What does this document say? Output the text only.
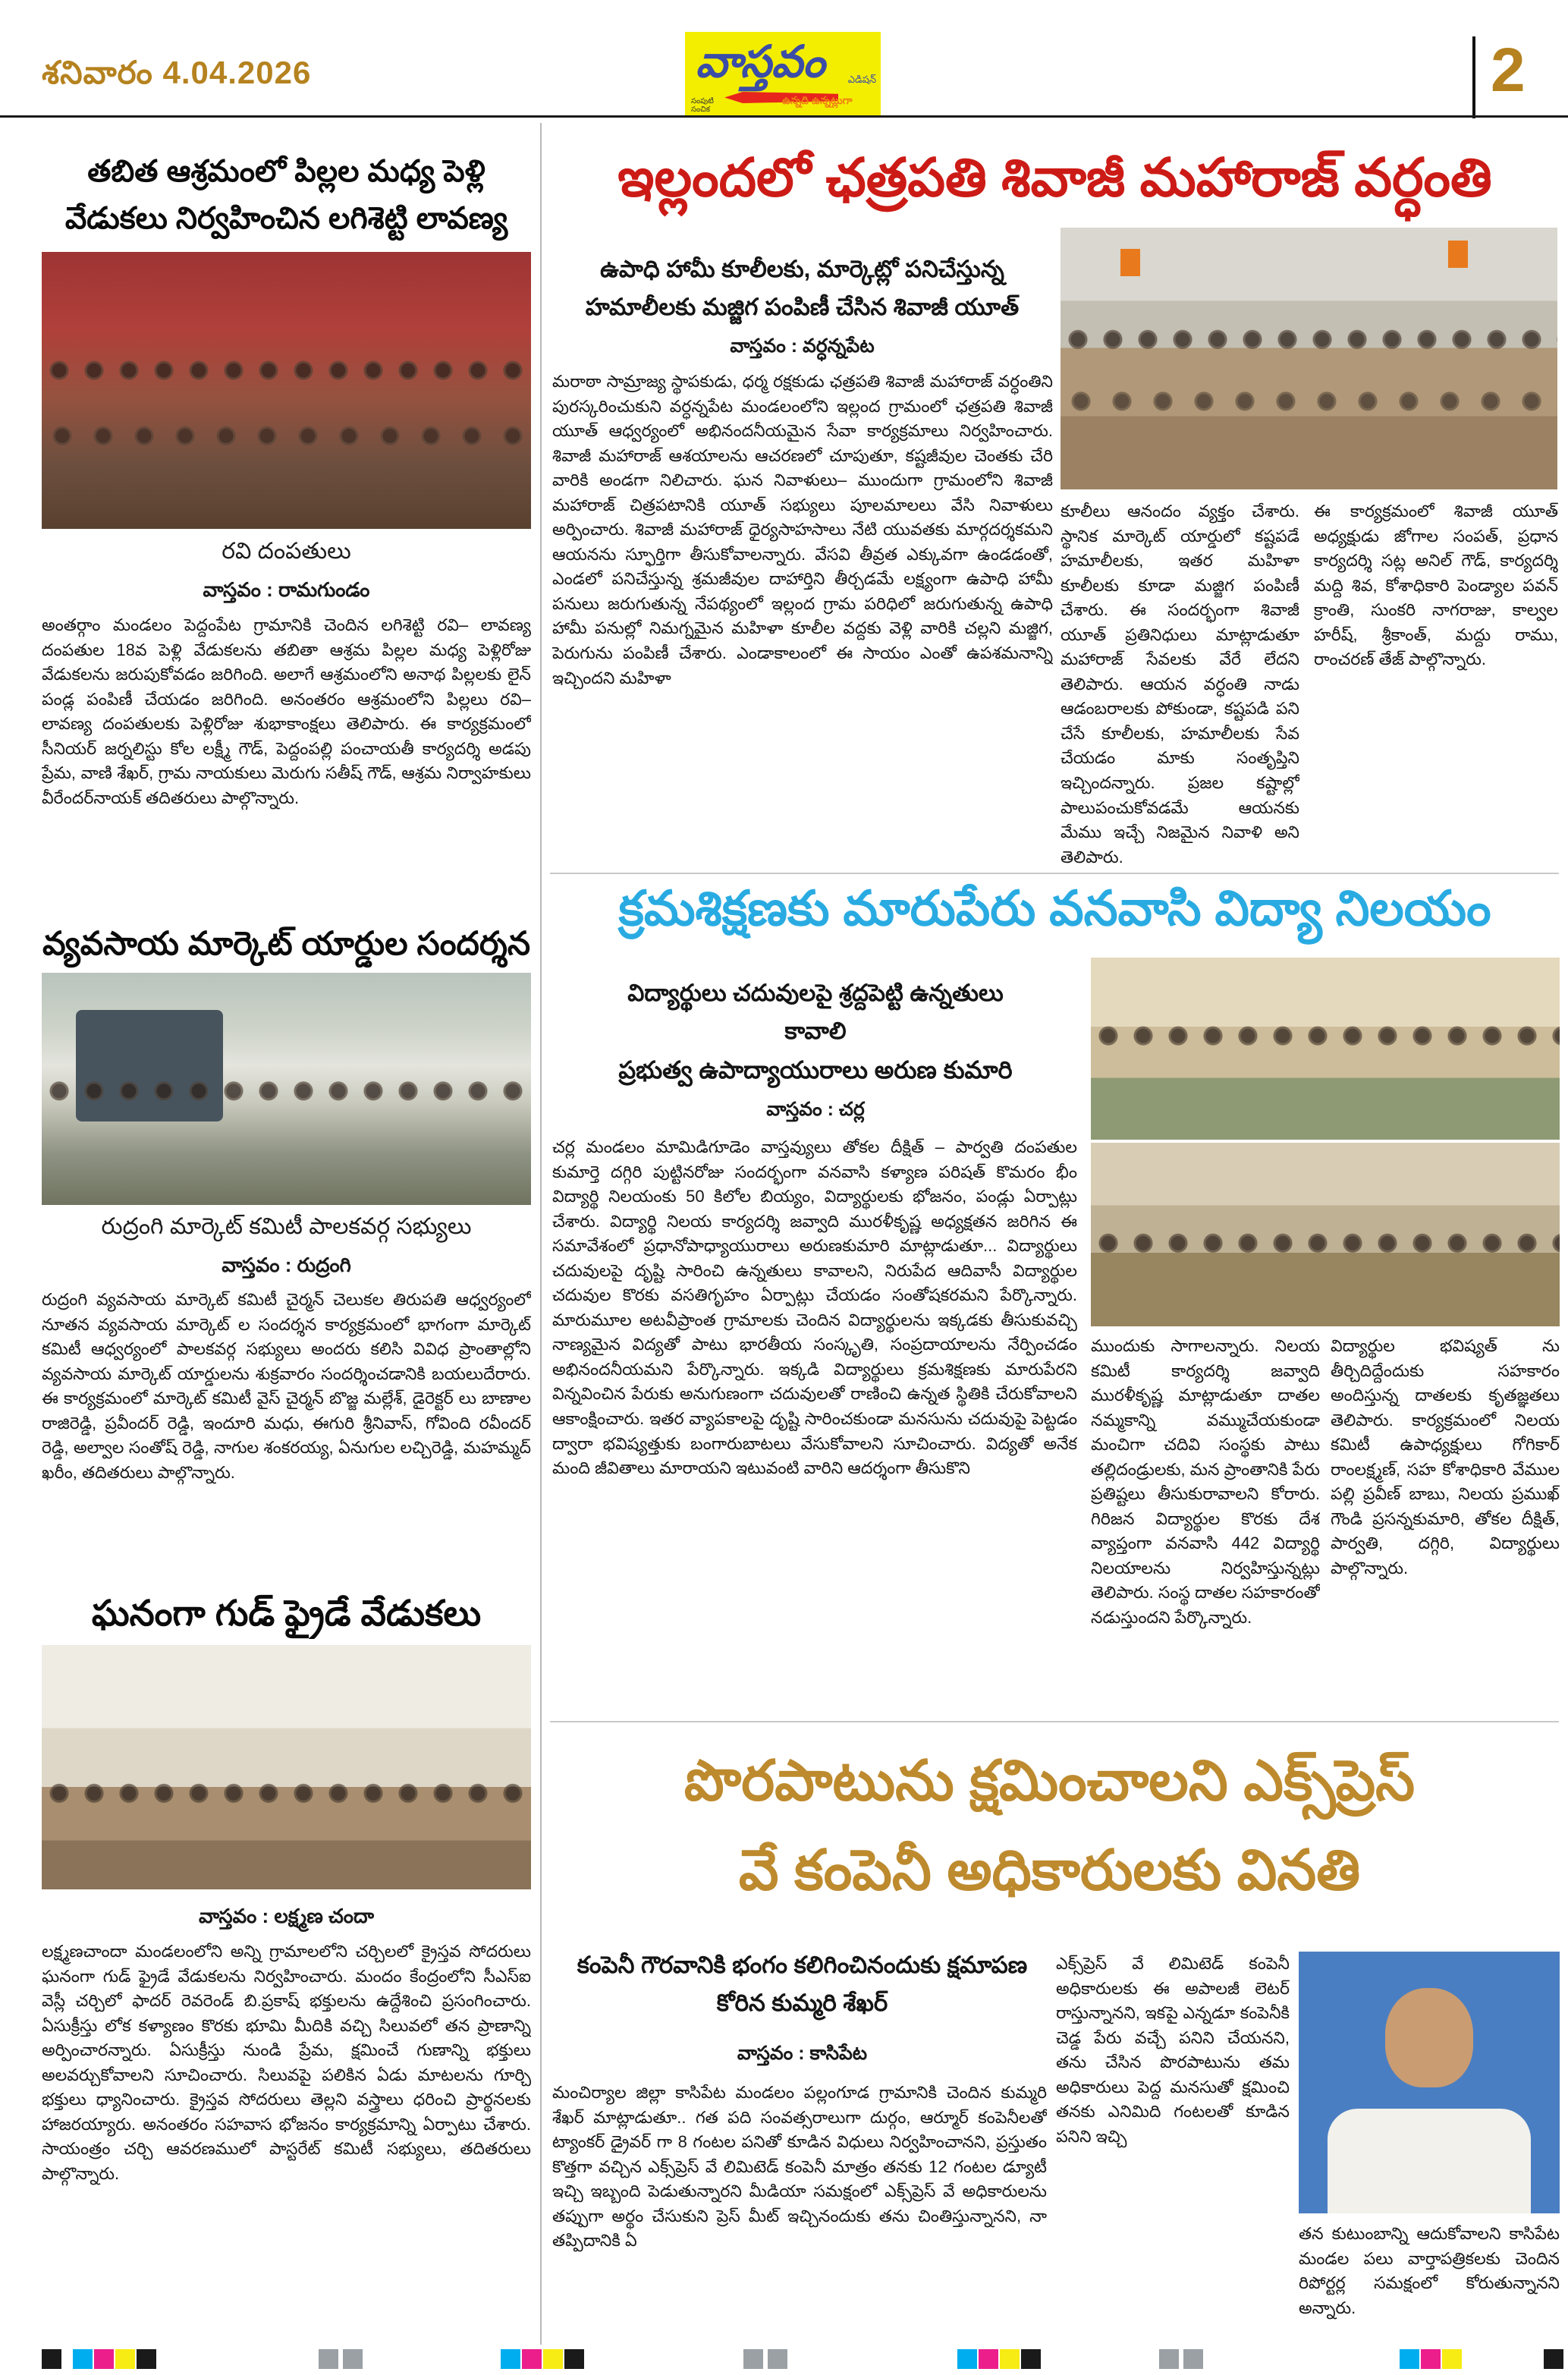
శనివారం 4.04.2026	వాస్తవం ఎడిషన్
ఉన్నది ఉన్నట్లుగా
సంపుటి
సంచిక
2
తబిత ఆశ్రమంలో పిల్లల మధ్య పెళ్లి వేడుకలు నిర్వహించిన లగిశెట్టి లావణ్య
రవి దంపతులు
వాస్తవం : రామగుండం
అంతర్గాం మండలం పెద్దంపేట గ్రామానికి చెందిన లగిశెట్టి రవి– లావణ్య దంపతుల 18వ పెళ్లి వేడుకలను తబితా ఆశ్రమ పిల్లల మధ్య పెళ్లిరోజు వేడుకలను జరుపుకోవడం జరిగింది. అలాగే ఆశ్రమంలోని అనాథ పిల్లలకు లైన్ పండ్ల పంపిణీ చేయడం జరిగింది. అనంతరం ఆశ్రమంలోని పిల్లలు రవి– లావణ్య దంపతులకు పెళ్లిరోజు శుభాకాంక్షలు తెలిపారు. ఈ కార్యక్రమంలో సీనియర్ జర్నలిస్టు కోల లక్ష్మీ గౌడ్, పెద్దంపల్లి పంచాయతీ కార్యదర్శి అడపు ప్రేమ, వాణి శేఖర్, గ్రామ నాయకులు మెరుగు సతీష్ గౌడ్, ఆశ్రమ నిర్వాహకులు వీరేందర్‌నాయక్ తదితరులు పాల్గొన్నారు.
వ్యవసాయ మార్కెట్ యార్డుల సందర్శన
రుద్రంగి మార్కెట్ కమిటీ పాలకవర్గ సభ్యులు
వాస్తవం : రుద్రంగి
రుద్రంగి వ్యవసాయ మార్కెట్ కమిటీ చైర్మన్ చెలుకల తిరుపతి ఆధ్వర్యంలో నూతన వ్యవసాయ మార్కెట్ ల సందర్శన కార్యక్రమంలో భాగంగా మార్కెట్ కమిటీ ఆధ్వర్యంలో పాలకవర్గ సభ్యులు అందరు కలిసి వివిధ ప్రాంతాల్లోని వ్యవసాయ మార్కెట్ యార్డులను శుక్రవారం సందర్శించడానికి బయలుదేరారు. ఈ కార్యక్రమంలో మార్కెట్ కమిటీ వైస్ చైర్మన్ బొజ్జ మల్లేశ్, డైరెక్టర్ లు బాణాల రాజిరెడ్డి, ప్రవీందర్ రెడ్డి, ఇందూరి మధు, ఈగురి శ్రీనివాస్, గోవింది రవీందర్ రెడ్డి, అల్వాల సంతోష్ రెడ్డి, నాగుల శంకరయ్య, ఏనుగుల లచ్చిరెడ్డి, మహమ్మద్ ఖరీం, తదితరులు పాల్గొన్నారు.
ఘనంగా గుడ్ ఫ్రైడే వేడుకలు
వాస్తవం : లక్ష్మణ చందా
లక్ష్మణచాందా మండలంలోని అన్ని గ్రామాలలోని చర్చిలలో క్రైస్తవ సోదరులు ఘనంగా గుడ్ ఫ్రైడే వేడుకలను నిర్వహించారు. మందం కేంద్రంలోని సీఎస్ఐ వెస్లీ చర్చిలో ఫాదర్ రెవరెండ్ బి.ప్రకాష్ భక్తులను ఉద్దేశించి ప్రసంగించారు. ఏసుక్రీస్తు లోక కళ్యాణం కొరకు భూమి మీదికి వచ్చి సిలువలో తన ప్రాణాన్ని అర్పించారన్నారు. ఏసుక్రీస్తు నుండి ప్రేమ, క్షమించే గుణాన్ని భక్తులు అలవర్చుకోవాలని సూచించారు. సిలువపై పలికిన ఏడు మాటలను గూర్చి భక్తులు ధ్యానించారు. క్రైస్తవ సోదరులు తెల్లని వస్త్రాలు ధరించి ప్రార్థనలకు హాజరయ్యారు. అనంతరం సహవాస భోజనం కార్యక్రమాన్ని ఏర్పాటు చేశారు. సాయంత్రం చర్చి ఆవరణములో పాస్టరేట్ కమిటీ సభ్యులు, తదితరులు పాల్గొన్నారు.
ఇల్లందలో ఛత్రపతి శివాజీ మహారాజ్ వర్ధంతి
ఉపాధి హామీ కూలీలకు, మార్కెట్లో పనిచేస్తున్న హమాలీలకు మజ్జిగ పంపిణీ చేసిన శివాజీ యూత్
వాస్తవం : వర్ధన్నపేట
మరాఠా సామ్రాజ్య స్థాపకుడు, ధర్మ రక్షకుడు ఛత్రపతి శివాజీ మహారాజ్ వర్ధంతిని పురస్కరించుకుని వర్ధన్నపేట మండలంలోని ఇల్లంద గ్రామంలో ఛత్రపతి శివాజీ యూత్ ఆధ్వర్యంలో అభినందనీయమైన సేవా కార్యక్రమాలు నిర్వహించారు. శివాజీ మహారాజ్ ఆశయాలను ఆచరణలో చూపుతూ, కష్టజీవుల చెంతకు చేరి వారికి అండగా నిలిచారు. ఘన నివాళులు– ముందుగా గ్రామంలోని శివాజీ మహారాజ్ చిత్రపటానికి యూత్ సభ్యులు పూలమాలలు వేసి నివాళులు అర్పించారు. శివాజీ మహారాజ్ ధైర్యసాహసాలు నేటి యువతకు మార్గదర్శకమని ఆయనను స్ఫూర్తిగా తీసుకోవాలన్నారు. వేసవి తీవ్రత ఎక్కువగా ఉండడంతో, ఎండలో పనిచేస్తున్న శ్రమజీవుల దాహార్తిని తీర్చడమే లక్ష్యంగా ఉపాధి హామీ పనులు జరుగుతున్న నేపథ్యంలో ఇల్లంద గ్రామ పరిధిలో జరుగుతున్న ఉపాధి హామీ పనుల్లో నిమగ్నమైన మహిళా కూలీల వద్దకు వెళ్లి వారికి చల్లని మజ్జిగ, పెరుగును పంపిణీ చేశారు. ఎండాకాలంలో ఈ సాయం ఎంతో ఉపశమనాన్ని ఇచ్చిందని మహిళా
కూలీలు ఆనందం వ్యక్తం చేశారు. స్థానిక మార్కెట్ యార్డులో కష్టపడే హమాలీలకు, ఇతర మహిళా కూలీలకు కూడా మజ్జిగ పంపిణీ చేశారు. ఈ సందర్భంగా శివాజీ యూత్ ప్రతినిధులు మాట్లాడుతూ మహారాజ్ సేవలకు వేరే లేదని తెలిపారు. ఆయన వర్ధంతి నాడు ఆడంబరాలకు పోకుండా, కష్టపడి పని చేసే కూలీలకు, హమాలీలకు సేవ చేయడం మాకు సంతృప్తిని ఇచ్చిందన్నారు. ప్రజల కష్టాల్లో పాలుపంచుకోవడమే ఆయనకు మేము ఇచ్చే నిజమైన నివాళి అని తెలిపారు.
ఈ కార్యక్రమంలో శివాజీ యూత్ అధ్యక్షుడు జోగాల సంపత్, ప్రధాన కార్యదర్శి సట్ల అనిల్ గౌడ్, కార్యదర్శి మద్ది శివ, కోశాధికారి పెండ్యాల పవన్ క్రాంతి, సుంకరి నాగరాజు, కాల్వల హరీష్, శ్రీకాంత్, మద్దు రాము, రాంచరణ్ తేజ్ పాల్గొన్నారు.
క్రమశిక్షణకు మారుపేరు వనవాసి విద్యా నిలయం
విద్యార్థులు చదువులపై శ్రద్దపెట్టి ఉన్నతులు కావాలి
ప్రభుత్వ ఉపాద్యాయురాలు అరుణ కుమారి
వాస్తవం : చర్ల
చర్ల మండలం మామిడిగూడెం వాస్తవ్యులు తోకల దీక్షిత్ – పార్వతి దంపతుల కుమార్తె దగ్గిరి పుట్టినరోజు సందర్భంగా వనవాసి కళ్యాణ పరిషత్ కొమరం భీం విద్యార్థి నిలయంకు 50 కిలోల బియ్యం, విద్యార్థులకు భోజనం, పండ్లు ఏర్పాట్లు చేశారు. విద్యార్థి నిలయ కార్యదర్శి జవ్వాది మురళీకృష్ణ అధ్యక్షతన జరిగిన ఈ సమావేశంలో ప్రధానోపాధ్యాయురాలు అరుణకుమారి మాట్లాడుతూ... విద్యార్థులు చదువులపై దృష్టి సారించి ఉన్నతులు కావాలని, నిరుపేద ఆదివాసీ విద్యార్థుల చదువుల కొరకు వసతిగృహం ఏర్పాట్లు చేయడం సంతోషకరమని పేర్కొన్నారు. మారుమూల అటవీప్రాంత గ్రామాలకు చెందిన విద్యార్థులను ఇక్కడకు తీసుకువచ్చి నాణ్యమైన విద్యతో పాటు భారతీయ సంస్కృతి, సంప్రదాయాలను నేర్పించడం అభినందనీయమని పేర్కొన్నారు. ఇక్కడి విద్యార్థులు క్రమశిక్షణకు మారుపేరని విన్నవించిన పేరుకు అనుగుణంగా చదువులతో రాణించి ఉన్నత స్థితికి చేరుకోవాలని ఆకాంక్షించారు. ఇతర వ్యాపకాలపై దృష్టి సారించకుండా మనసును చదువుపై పెట్టడం ద్వారా భవిష్యత్తుకు బంగారుబాటలు వేసుకోవాలని సూచించారు. విద్యతో అనేక మంది జీవితాలు మారాయని ఇటువంటి వారిని ఆదర్శంగా తీసుకొని
ముందుకు సాగాలన్నారు. నిలయ కమిటీ కార్యదర్శి జవ్వాది మురళీకృష్ణ మాట్లాడుతూ దాతల నమ్మకాన్ని వమ్ముచేయకుండా మంచిగా చదివి సంస్థకు పాటు తల్లిదండ్రులకు, మన ప్రాంతానికి పేరు ప్రతిష్టలు తీసుకురావాలని కోరారు. గిరిజన విద్యార్థుల కొరకు దేశ వ్యాప్తంగా వనవాసి 442 విద్యార్థి నిలయాలను నిర్వహిస్తున్నట్లు తెలిపారు. సంస్థ దాతల సహకారంతో నడుస్తుందని పేర్కొన్నారు.
విద్యార్థుల భవిష్యత్ ను తీర్చిదిద్దేందుకు సహకారం అందిస్తున్న దాతలకు కృతజ్ఞతలు తెలిపారు. కార్యక్రమంలో నిలయ కమిటీ ఉపాధ్యక్షులు గోగికార్ రాంలక్ష్మణ్, సహ కోశాధికారి వేముల పల్లి ప్రవీణ్ బాబు, నిలయ ప్రముఖ్ గౌండి ప్రసన్నకుమారి, తోకల దీక్షిత్, పార్వతి, దగ్గిరి, విద్యార్థులు పాల్గొన్నారు.
పొరపాటును క్షమించాలని ఎక్స్‌ప్రెస్
వే కంపెనీ అధికారులకు వినతి
కంపెనీ గౌరవానికి భంగం కలిగించినందుకు క్షమాపణ కోరిన కుమ్మరి శేఖర్
వాస్తవం : కాసిపేట
మంచిర్యాల జిల్లా కాసిపేట మండలం పల్లంగూడ గ్రామానికి చెందిన కుమ్మరి శేఖర్ మాట్లాడుతూ.. గత పది సంవత్సరాలుగా దుర్గం, ఆర్మూర్ కంపెనీలతో ట్యాంకర్ డ్రైవర్ గా 8 గంటల పనితో కూడిన విధులు నిర్వహించానని, ప్రస్తుతం కొత్తగా వచ్చిన ఎక్స్‌ప్రెస్ వే లిమిటెడ్ కంపెనీ మాత్రం తనకు 12 గంటల డ్యూటీ ఇచ్చి ఇబ్బంది పెడుతున్నారని మీడియా సమక్షంలో ఎక్స్‌ప్రెస్ వే అధికారులను తప్పుగా అర్థం చేసుకుని ప్రెస్ మీట్ ఇచ్చినందుకు తను చింతిస్తున్నానని, నా తప్పిదానికి ఏ
ఎక్స్‌ప్రెస్ వే లిమిటెడ్ కంపెనీ అధికారులకు ఈ అపాలజీ లెటర్ రాస్తున్నానని, ఇకపై ఎన్నడూ కంపెనీకి చెడ్డ పేరు వచ్చే పనిని చేయనని, తను చేసిన పొరపాటును తమ అధికారులు పెద్ద మనసుతో క్షమించి తనకు ఎనిమిది గంటలతో కూడిన పనిని ఇచ్చి
తన కుటుంబాన్ని ఆదుకోవాలని కాసిపేట మండల పలు వార్తాపత్రికలకు చెందిన రిపోర్టర్ల సమక్షంలో కోరుతున్నానని అన్నారు.
